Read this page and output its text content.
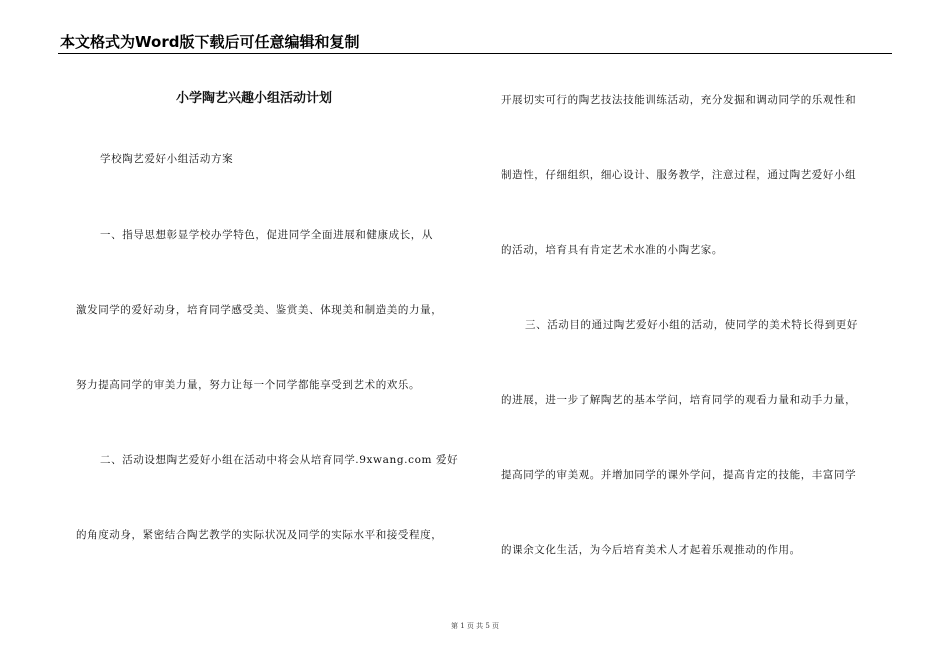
本文格式为Word版下载后可任意编辑和复制
小学陶艺兴趣小组活动计划
学校陶艺爱好小组活动方案
一、指导思想彰显学校办学特色，促进同学全面进展和健康成长，从
激发同学的爱好动身，培育同学感受美、鉴赏美、体现美和制造美的力量，
努力提高同学的审美力量，努力让每一个同学都能享受到艺术的欢乐。
二、活动设想陶艺爱好小组在活动中将会从培育同学.9xwang.com 爱好
的角度动身，紧密结合陶艺教学的实际状况及同学的实际水平和接受程度，
开展切实可行的陶艺技法技能训练活动，充分发掘和调动同学的乐观性和
制造性，仔细组织，细心设计、服务教学，注意过程，通过陶艺爱好小组
的活动，培育具有肯定艺术水准的小陶艺家。
三、活动目的通过陶艺爱好小组的活动，使同学的美术特长得到更好
的进展，进一步了解陶艺的基本学问，培育同学的观看力量和动手力量，
提高同学的审美观。并增加同学的课外学问，提高肯定的技能，丰富同学
的课余文化生活，为今后培育美术人才起着乐观推动的作用。
第 1 页 共 5 页
